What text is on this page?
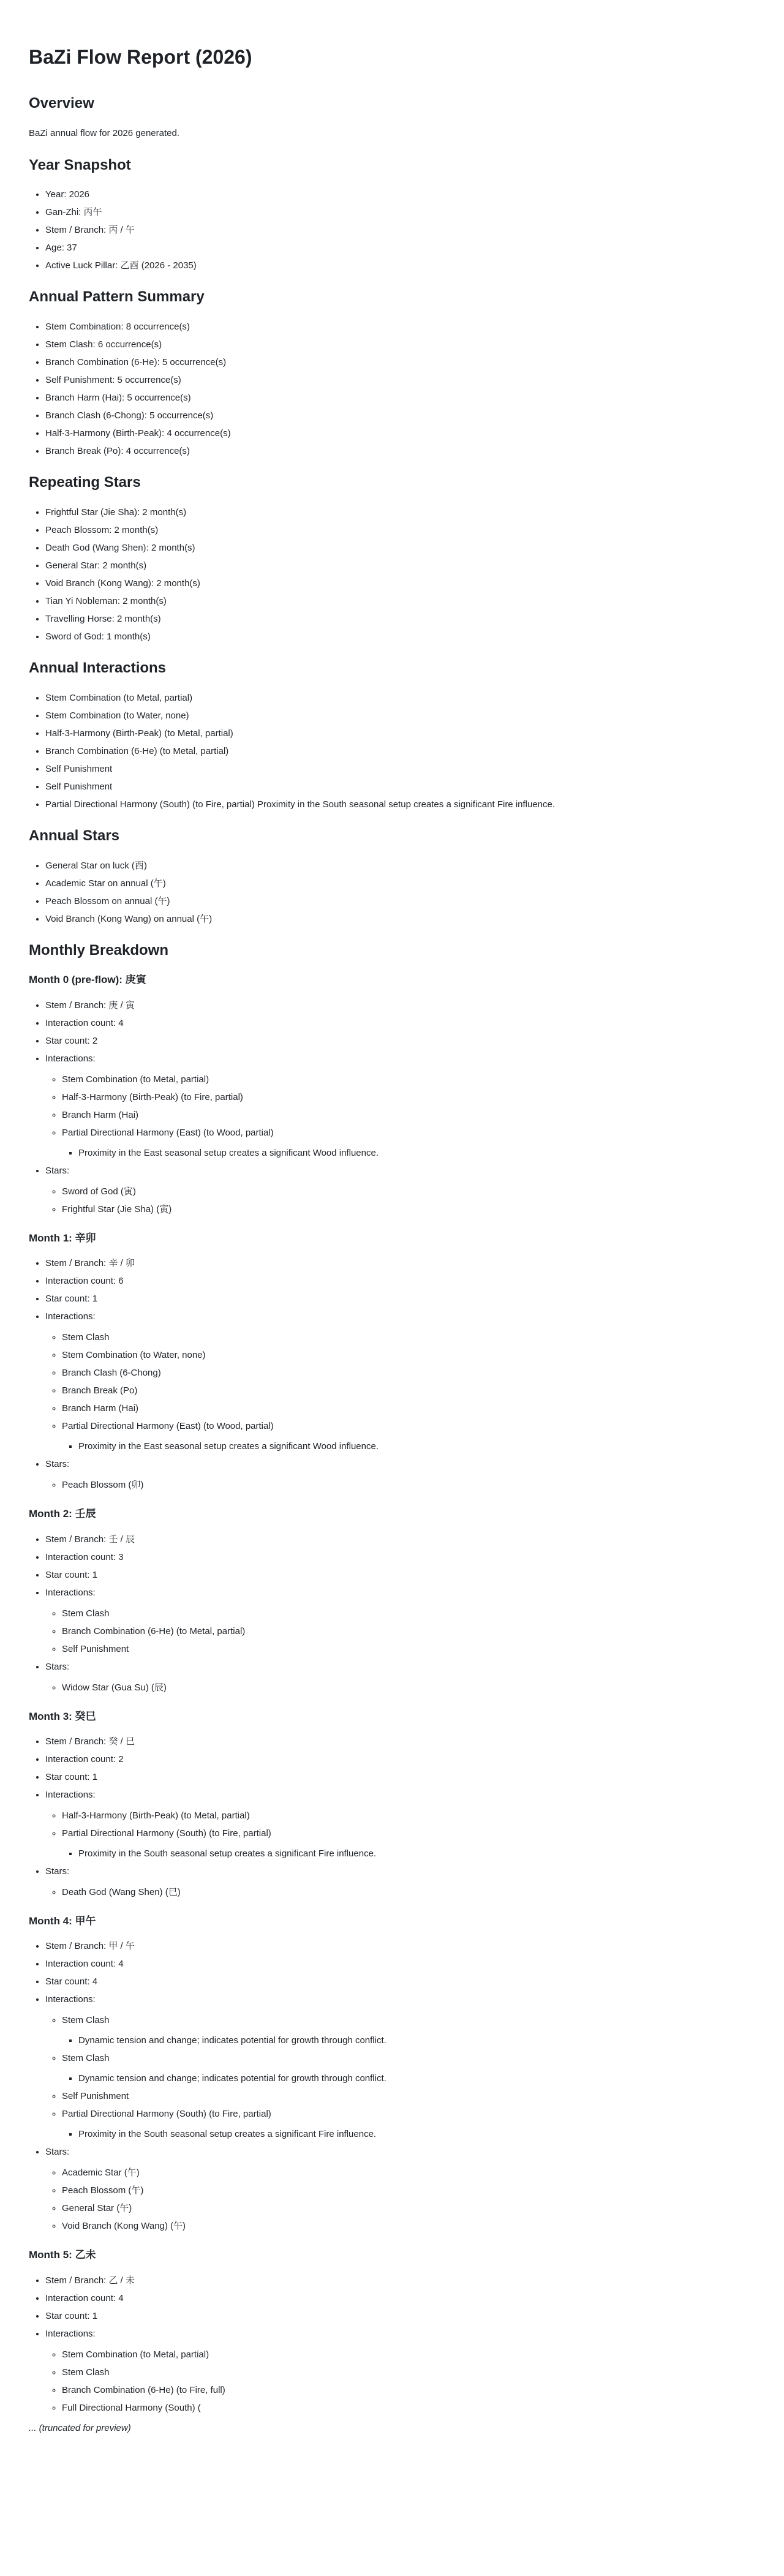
BaZi Flow Report (2026)
Overview

BaZi annual flow for 2026 generated.

Year Snapshot
• Year: 2026
• Gan-Zhi: 丙午
• Stem / Branch: 丙 / 午
• Age: 37
• Active Luck Pillar: 乙酉 (2026 - 2035)
Annual Pattern Summary
• Stem Combination: 8 occurrence(s)
• Stem Clash: 6 occurrence(s)
• Branch Combination (6-He): 5 occurrence(s)
• Self Punishment: 5 occurrence(s)
• Branch Harm (Hai): 5 occurrence(s)
• Branch Clash (6-Chong): 5 occurrence(s)
• Half-3-Harmony (Birth-Peak): 4 occurrence(s)
• Branch Break (Po): 4 occurrence(s)
Repeating Stars
• Frightful Star (Jie Sha): 2 month(s)
• Peach Blossom: 2 month(s)
• Death God (Wang Shen): 2 month(s)
• General Star: 2 month(s)
• Void Branch (Kong Wang): 2 month(s)
• Tian Yi Nobleman: 2 month(s)
• Travelling Horse: 2 month(s)
• Sword of God: 1 month(s)
Annual Interactions
• Stem Combination (to Metal, partial)
• Stem Combination (to Water, none)
• Half-3-Harmony (Birth-Peak) (to Metal, partial)
• Branch Combination (6-He) (to Metal, partial)
• Self Punishment
• Self Punishment
• Partial Directional Harmony (South) (to Fire, partial) Proximity in the South seasonal setup creates a significant Fire influence.
Annual Stars
• General Star on luck (酉)
• Academic Star on annual (午)
• Peach Blossom on annual (午)
• Void Branch (Kong Wang) on annual (午)
Monthly Breakdown
Month 0 (pre-flow): 庚寅
• Stem / Branch: 庚 / 寅
• Interaction count: 4
• Star count: 2
• Interactions:
◦ Stem Combination (to Metal, partial)
◦ Half-3-Harmony (Birth-Peak) (to Fire, partial)
◦ Branch Harm (Hai)
◦ Partial Directional Harmony (East) (to Wood, partial)
▪ Proximity in the East seasonal setup creates a significant Wood influence.
• Stars:
◦ Sword of God (寅)
◦ Frightful Star (Jie Sha) (寅)
Month 1: 辛卯
• Stem / Branch: 辛 / 卯
• Interaction count: 6
• Star count: 1
• Interactions:
◦ Stem Clash
◦ Stem Combination (to Water, none)
◦ Branch Clash (6-Chong)
◦ Branch Break (Po)
◦ Branch Harm (Hai)
◦ Partial Directional Harmony (East) (to Wood, partial)
▪ Proximity in the East seasonal setup creates a significant Wood influence.
• Stars:
◦ Peach Blossom (卯)
Month 2: 壬辰
• Stem / Branch: 壬 / 辰
• Interaction count: 3
• Star count: 1
• Interactions:
◦ Stem Clash
◦ Branch Combination (6-He) (to Metal, partial)
◦ Self Punishment
• Stars:
◦ Widow Star (Gua Su) (辰)
Month 3: 癸巳
• Stem / Branch: 癸 / 巳
• Interaction count: 2
• Star count: 1
• Interactions:
◦ Half-3-Harmony (Birth-Peak) (to Metal, partial)
◦ Partial Directional Harmony (South) (to Fire, partial)
▪ Proximity in the South seasonal setup creates a significant Fire influence.
• Stars:
◦ Death God (Wang Shen) (巳)
Month 4: 甲午
• Stem / Branch: 甲 / 午
• Interaction count: 4
• Star count: 4
• Interactions:
◦ Stem Clash
▪ Dynamic tension and change; indicates potential for growth through conflict.
◦ Stem Clash
▪ Dynamic tension and change; indicates potential for growth through conflict.
◦ Self Punishment
◦ Partial Directional Harmony (South) (to Fire, partial)
▪ Proximity in the South seasonal setup creates a significant Fire influence.
• Stars:
◦ Academic Star (午)
◦ Peach Blossom (午)
◦ General Star (午)
◦ Void Branch (Kong Wang) (午)
Month 5: 乙未
• Stem / Branch: 乙 / 未
• Interaction count: 4
• Star count: 1
• Interactions:
◦ Stem Combination (to Metal, partial)
◦ Stem Clash
◦ Branch Combination (6-He) (to Fire, full)
◦ Full Directional Harmony (South) (

... (truncated for preview)
